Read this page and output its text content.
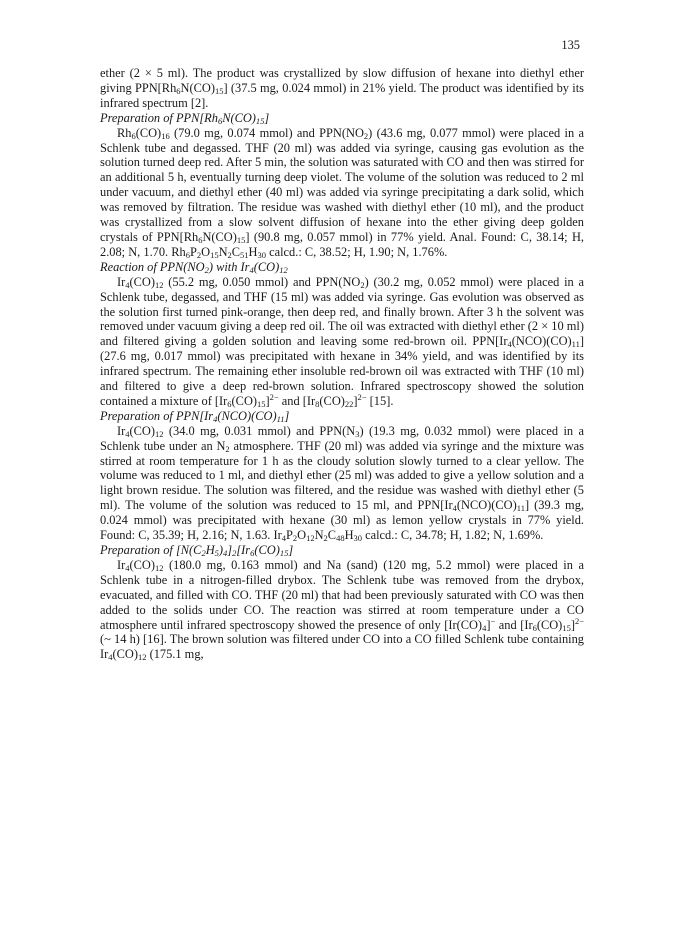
135

ether (2 × 5 ml). The product was crystallized by slow diffusion of hexane into diethyl ether giving $PPN[Rh_6N(CO)_{15}]$ (37.5 mg, 0.024 mmol) in 21% yield. The product was identified by its infrared spectrum [2].

Preparation of $PPN[Rh_6N(CO)_{15}]$

$Rh_6(CO)_{16}$ (79.0 mg, 0.074 mmol) and $PPN(NO_2)$ (43.6 mg, 0.077 mmol) were placed in a Schlenk tube and degassed. THF (20 ml) was added via syringe, causing gas evolution as the solution turned deep red. After 5 min, the solution was saturated with CO and then was stirred for an additional 5 h, eventually turning deep violet. The volume of the solution was reduced to 2 ml under vacuum, and diethyl ether (40 ml) was added via syringe precipitating a dark solid, which was removed by filtration. The residue was washed with diethyl ether (10 ml), and the product was crystallized from a slow solvent diffusion of hexane into the ether giving deep golden crystals of $PPN[Rh_6N(CO)_{15}]$ (90.8 mg, 0.057 mmol) in 77% yield. Anal. Found: C, 38.14; H, 2.08; N, 1.70. $Rh_6P_2O_{15}N_2C_{51}H_{30}$ calcd.: C, 38.52; H, 1.90; N, 1.76%.

Reaction of $PPN(NO_2)$ with $Ir_4(CO)_{12}$

$Ir_4(CO)_{12}$ (55.2 mg, 0.050 mmol) and $PPN(NO_2)$ (30.2 mg, 0.052 mmol) were placed in a Schlenk tube, degassed, and THF (15 ml) was added via syringe. Gas evolution was observed as the solution first turned pink-orange, then deep red, and finally brown. After 3 h the solvent was removed under vacuum giving a deep red oil. The oil was extracted with diethyl ether (2 × 10 ml) and filtered giving a golden solution and leaving some red-brown oil. $PPN[Ir_4(NCO)(CO)_{11}]$ (27.6 mg, 0.017 mmol) was precipitated with hexane in 34% yield, and was identified by its infrared spectrum. The remaining ether insoluble red-brown oil was extracted with THF (10 ml) and filtered to give a deep red-brown solution. Infrared spectroscopy showed the solution contained a mixture of $[Ir_6(CO)_{15}]^{2-}$ and $[Ir_8(CO)_{22}]^{2-}$ [15].

Preparation of $PPN[Ir_4(NCO)(CO)_{11}]$

$Ir_4(CO)_{12}$ (34.0 mg, 0.031 mmol) and $PPN(N_3)$ (19.3 mg, 0.032 mmol) were placed in a Schlenk tube under an $N_2$ atmosphere. THF (20 ml) was added via syringe and the mixture was stirred at room temperature for 1 h as the cloudy solution slowly turned to a clear yellow. The volume was reduced to 1 ml, and diethyl ether (25 ml) was added to give a yellow solution and a light brown residue. The solution was filtered, and the residue was washed with diethyl ether (5 ml). The volume of the solution was reduced to 15 ml, and $PPN[Ir_4(NCO)(CO)_{11}]$ (39.3 mg, 0.024 mmol) was precipitated with hexane (30 ml) as lemon yellow crystals in 77% yield. Found: C, 35.39; H, 2.16; N, 1.63. $Ir_4P_2O_{12}N_2C_{48}H_{30}$ calcd.: C, 34.78; H, 1.82; N, 1.69%.

Preparation of $[N(C_2H_5)_4]_2[Ir_6(CO)_{15}]$

$Ir_4(CO)_{12}$ (180.0 mg, 0.163 mmol) and Na (sand) (120 mg, 5.2 mmol) were placed in a Schlenk tube in a nitrogen-filled drybox. The Schlenk tube was removed from the drybox, evacuated, and filled with CO. THF (20 ml) that had been previously saturated with CO was then added to the solids under CO. The reaction was stirred at room temperature under a CO atmosphere until infrared spectroscopy showed the presence of only $[Ir(CO)_4]^-$ and $[Ir_6(CO)_{15}]^{2-}$ (~ 14 h) [16]. The brown solution was filtered under CO into a CO filled Schlenk tube containing $Ir_4(CO)_{12}$ (175.1 mg,
